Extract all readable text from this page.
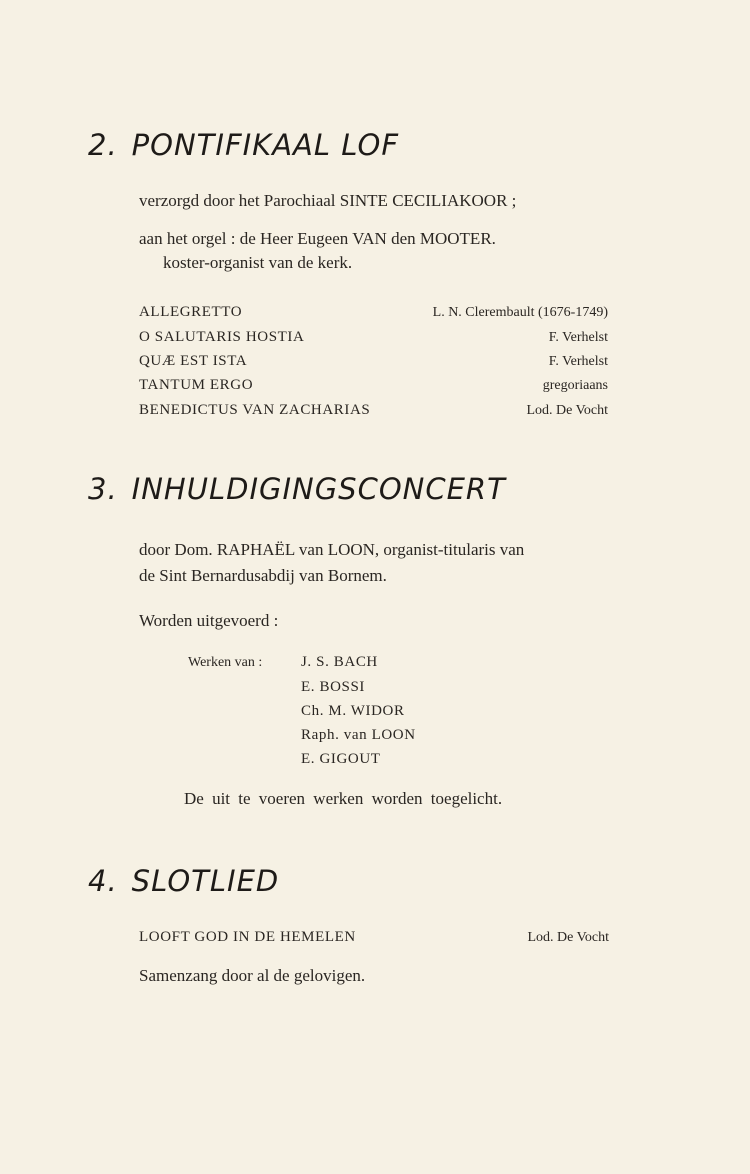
2. PONTIFIKAAL LOF
verzorgd door het Parochiaal SINTE CECILIAKOOR ;
aan het orgel : de Heer Eugeen VAN den MOOTER.
koster-organist van de kerk.
ALLEGRETTO	L. N. Clerembault (1676-1749)
O SALUTARIS HOSTIA	F. Verhelst
QUÆ EST ISTA	F. Verhelst
TANTUM ERGO	gregoriaans
BENEDICTUS VAN ZACHARIAS	Lod. De Vocht
3. INHULDIGINGSCONCERT
door Dom. RAPHAËL van LOON, organist-titularis van
de Sint Bernardusabdij van Bornem.
Worden uitgevoerd :
Werken van :	J. S. BACH
E. BOSSI
Ch. M. WIDOR
Raph. van LOON
E. GIGOUT
De uit te voeren werken worden toegelicht.
4. SLOTLIED
LOOFT GOD IN DE HEMELEN	Lod. De Vocht
Samenzang door al de gelovigen.
